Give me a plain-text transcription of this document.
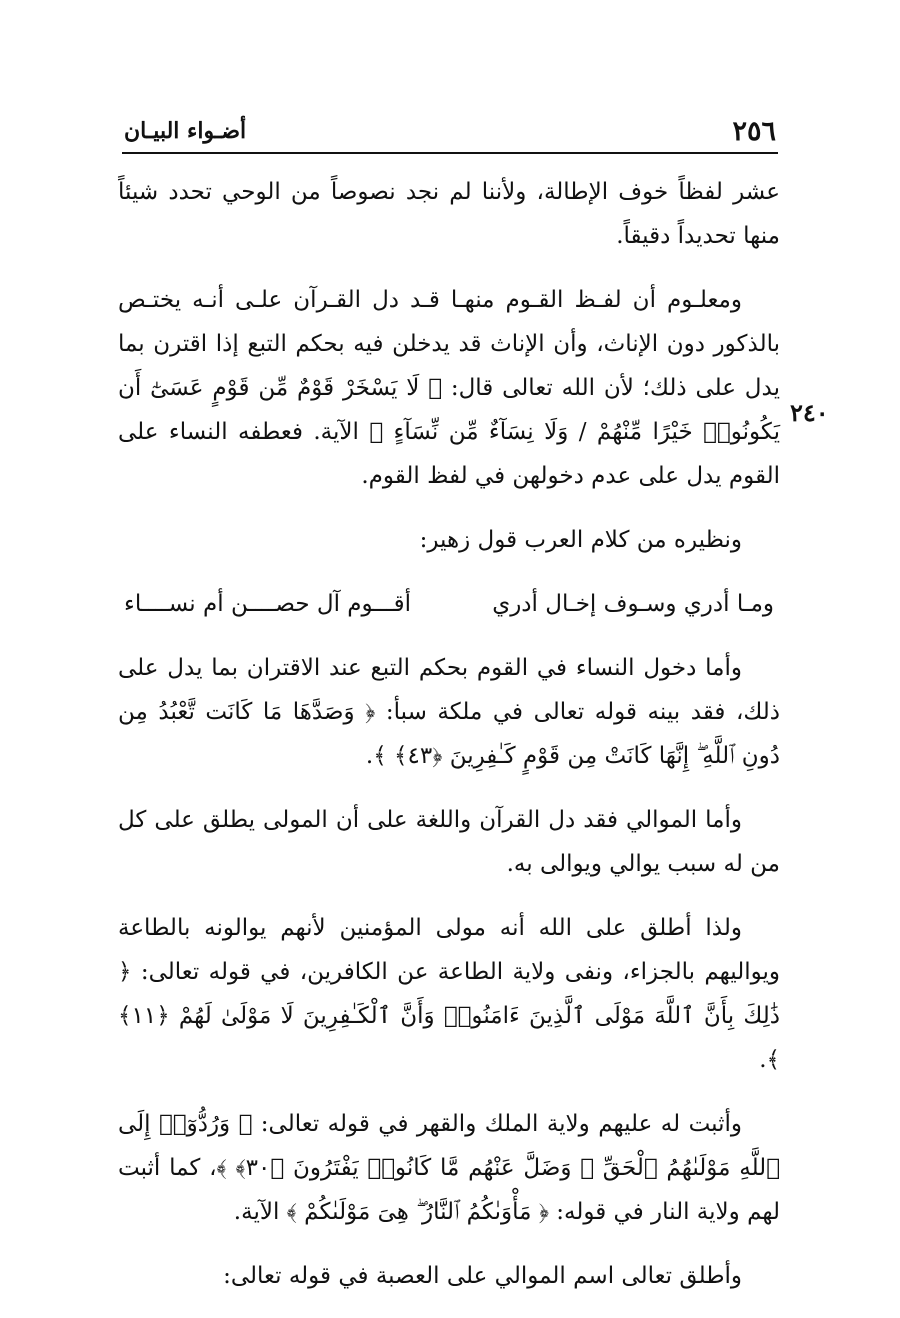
٢٥٦
أضـواء البيـان
٢٤٠

عشر لفظاً خوف الإطالة، ولأننا لم نجد نصوصاً من الوحي تحدد شيئاً منها تحديداً دقيقاً.

ومعلـوم أن لفـظ القـوم منهـا قـد دل القـرآن علـى أنـه يختـص بالذكور دون الإناث، وأن الإناث قد يدخلن فيه بحكم التبع إذا اقترن بما يدل على ذلك؛ لأن الله تعالى قال: ﴿ لَا يَسْخَرْ قَوْمٌ مِّن قَوْمٍ عَسَىٰٓ أَن يَكُونُوا۟ خَيْرًا مِّنْهُمْ / وَلَا نِسَآءٌ مِّن نِّسَآءٍ ﴾ الآية. فعطفه النساء على القوم يدل على عدم دخولهن في لفظ القوم.

ونظيره من كلام العرب قول زهير:

ومـا أدري وسـوف إخـال أدري
أقـــوم آل حصــــن أم نســــاء

وأما دخول النساء في القوم بحكم التبع عند الاقتران بما يدل على ذلك، فقد بينه قوله تعالى في ملكة سبأ: ﴿ وَصَدَّهَا مَا كَانَت تَّعْبُدُ مِن دُونِ ٱللَّهِ ۖ إِنَّهَا كَانَتْ مِن قَوْمٍ كَـٰفِرِينَ ﴿٤٣﴾ ﴾.

وأما الموالي فقد دل القرآن واللغة على أن المولى يطلق على كل من له سبب يوالي ويوالى به.

ولذا أطلق على الله أنه مولى المؤمنين لأنهم يوالونه بالطاعة ويواليهم بالجزاء، ونفى ولاية الطاعة عن الكافرين، في قوله تعالى: ﴿ ذَٰلِكَ بِأَنَّ ٱللَّهَ مَوْلَى ٱلَّذِينَ ءَامَنُوا۟ وَأَنَّ ٱلْكَـٰفِرِينَ لَا مَوْلَىٰ لَهُمْ ﴿١١﴾ ﴾.

وأثبت له عليهم ولاية الملك والقهر في قوله تعالى: ﴿ وَرُدُّوٓا۟ إِلَى ٱللَّهِ مَوْلَىٰهُمُ ٱلْحَقِّ ۖ وَضَلَّ عَنْهُم مَّا كَانُوا۟ يَفْتَرُونَ ﴿٣٠﴾ ﴾، كما أثبت لهم ولاية النار في قوله: ﴿ مَأْوَىٰكُمُ ٱلنَّارُ ۖ هِىَ مَوْلَىٰكُمْ ﴾ الآية.

وأطلق تعالى اسم الموالي على العصبة في قوله تعالى:
